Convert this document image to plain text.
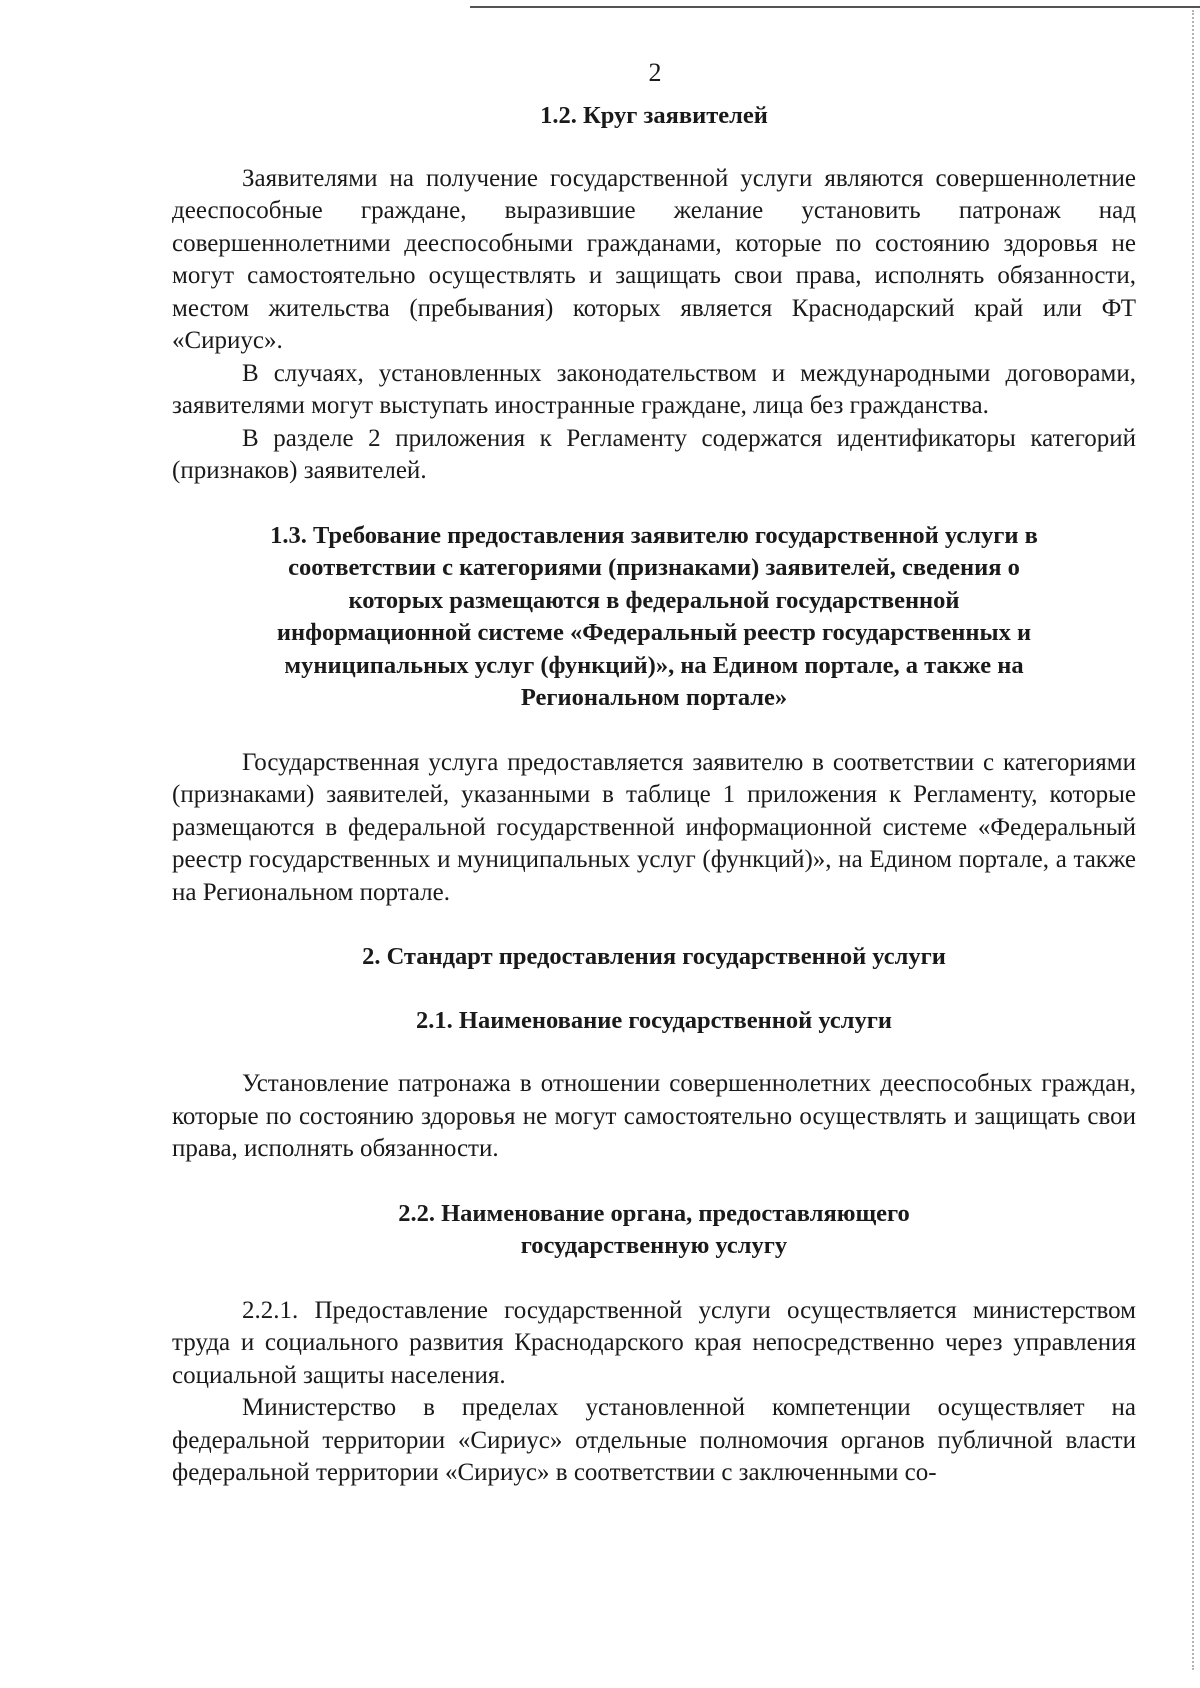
2

1.2. Круг заявителей

Заявителями на получение государственной услуги являются совершеннолетние дееспособные граждане, выразившие желание установить патронаж над совершеннолетними дееспособными гражданами, которые по состоянию здоровья не могут самостоятельно осуществлять и защищать свои права, исполнять обязанности, местом жительства (пребывания) которых является Краснодарский край или ФТ «Сириус».

В случаях, установленных законодательством и международными договорами, заявителями могут выступать иностранные граждане, лица без гражданства.

В разделе 2 приложения к Регламенту содержатся идентификаторы категорий (признаков) заявителей.

1.3. Требование предоставления заявителю государственной услуги в соответствии с категориями (признаками) заявителей, сведения о которых размещаются в федеральной государственной информационной системе «Федеральный реестр государственных и муниципальных услуг (функций)», на Едином портале, а также на Региональном портале»

Государственная услуга предоставляется заявителю в соответствии с категориями (признаками) заявителей, указанными в таблице 1 приложения к Регламенту, которые размещаются в федеральной государственной информационной системе «Федеральный реестр государственных и муниципальных услуг (функций)», на Едином портале, а также на Региональном портале.

2. Стандарт предоставления государственной услуги
2.1. Наименование государственной услуги

Установление патронажа в отношении совершеннолетних дееспособных граждан, которые по состоянию здоровья не могут самостоятельно осуществлять и защищать свои права, исполнять обязанности.

2.2. Наименование органа, предоставляющего государственную услугу

2.2.1. Предоставление государственной услуги осуществляется министерством труда и социального развития Краснодарского края непосредственно через управления социальной защиты населения.

Министерство в пределах установленной компетенции осуществляет на федеральной территории «Сириус» отдельные полномочия органов публичной власти федеральной территории «Сириус» в соответствии с заключенными со-
